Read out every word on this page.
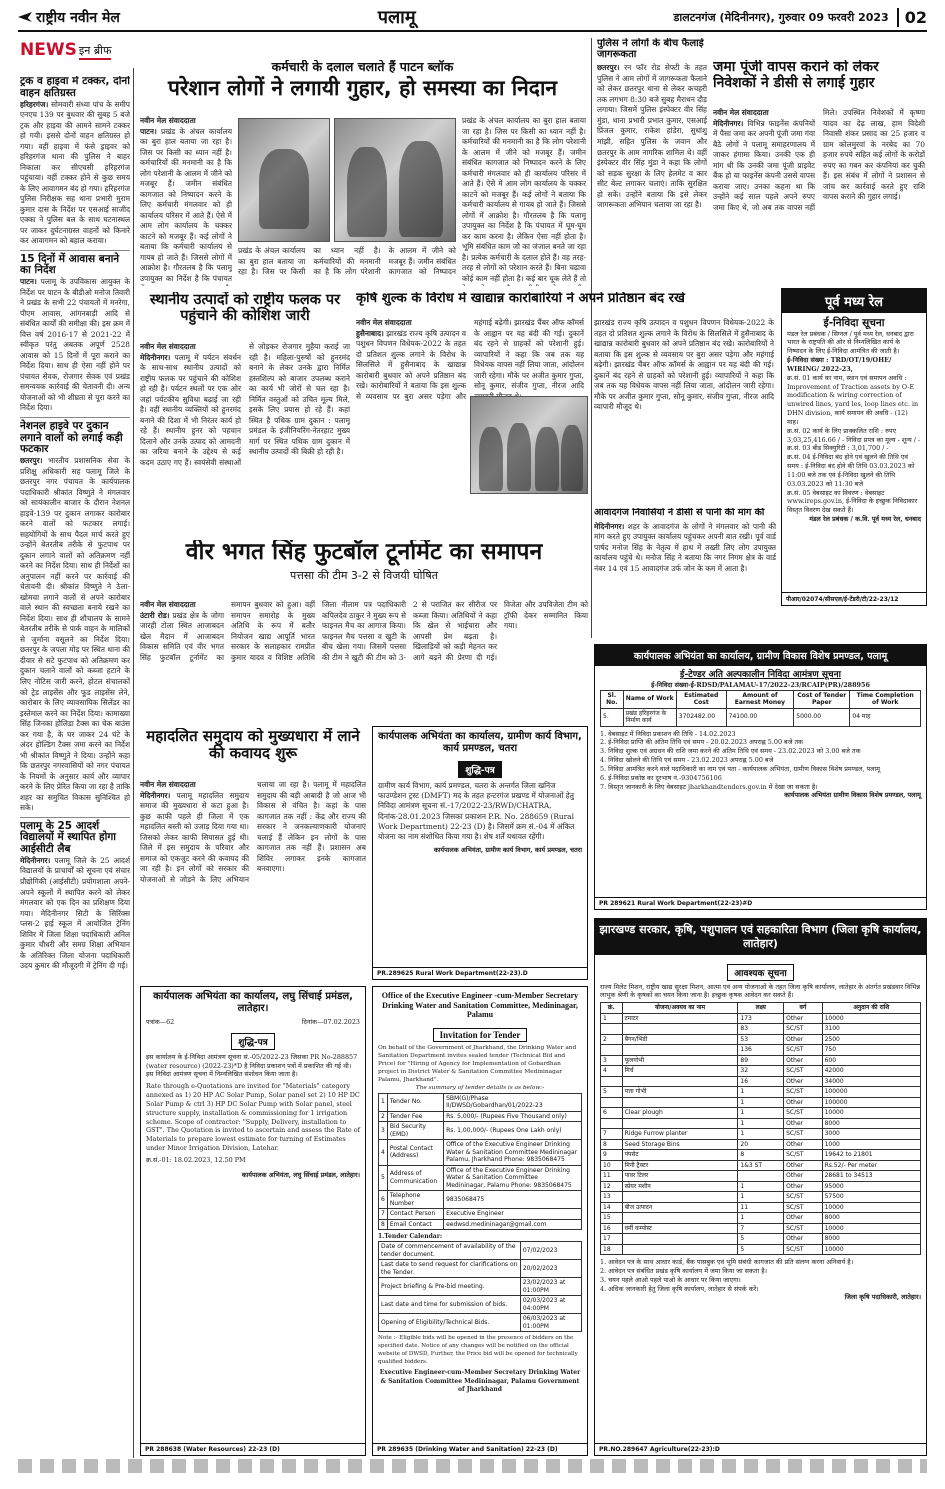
राष्ट्रीय नवीन मेल	पलामू	डालटनगंज (मेदिनीनगर), गुरुवार 09 फरवरी 2023	02
NEWS इन ब्रीफ
ट्रक व हाइवा में टक्कर, दोनों वाहन क्षतिग्रस्त

हरिहरगंज। सोमवारी संध्या पांच के समीप एनएच 139 पर बुधवार की सुबह 5 बजे ट्रक और हाइवा की आमने सामने टक्कर हो गयी। इससे दोनों वाहन क्षतिग्रस्त हो गया। वहीं हाइवा में फंसे ड्राइवर को हरिहरगंज थाना की पुलिस ने बाहर निकाला कर सीएचसी हरिहरगंज पहुंचाया। वहीं टक्कर होने से कुछ समय के लिए आवागमन बंद हो गया। हरिहरगंज पुलिस निरीक्षक सह थाना प्रभारी मुराम कुमार दास के निर्देश पर एसआई साजीद एक्का ने पुलिस बल के साथ घटनास्थल पर जाकर दुर्घटनाग्रस्त वाहनों को किनारे कर आवागमन को बहाल कराया।

15 दिनों में आवास बनाने का निर्देश

पाटन। पलामू के उपविकास आयुक्त के निर्देश पर पाटन के बीडीओ मनोज तिवारी ने प्रखंड के सभी 22 पंचायतों में मनरेगा, पीएम आवास, आंगनबाड़ी आदि से संबंधित कार्यों की समीक्षा की। इस क्रम में वित्त वर्ष 2016-17 से 2021-22 में स्वीकृत परंतु अबतक अपूर्ण 2528 आवास को 15 दिनों में पूरा कराने का निर्देश दिया। साथ ही ऐसा नहीं होने पर पंचायत सेवक, रोजगार सेवक एवं प्रखंड समन्वयक कार्रवाई की चेतावनी दी। अन्य योजनाओं को भी शीघ्रता से पूरा करने का निर्देश दिया।

नेशनल हाइवे पर दुकान लगाने वालों को लगाई कड़ी फटकार

छतरपुर। भारतीय प्रशासनिक सेवा के प्रशिक्षु अधिकारी सह पलामू जिले के छतरपुर नगर पंचायत के कार्यपालक पदाधिकारी श्रीकांत विष्णुते ने मंगलवार को सायंकालीन बाजार के दौरान नेशनल हाइवे-139 पर दुकान लगाकर कारोबार करने वालों को फटकार लगाई। सहयोगियों के साथ पैदल मार्च करते हुए उन्होंने बेतरतीब तरीके से फुटपाथ पर दुकान लगाने वालों को अतिक्रमण नहीं करने का निर्देश दिया। साथ ही निर्देशों का अनुपालन नहीं करने पर कार्रवाई की चेतावनी दी। श्रीकांत विष्णुते ने ठेला-खोमचा लगाने वालों से अपने कारोबार वाले स्थान की स्वच्छता बनाये रखने का निर्देश दिया। साथ ही शौचालय के सामने बेतरतीब तरीके से पार्क वाहन के मालिकों से जुर्माना वसूलने का निर्देश दिया। छतरपुर के जपला मोड़ पर स्थित थाना की दीवार से सटे फुटपाथ को अतिक्रमण कर दुकान चलाने वालों को कब्जा हटाने के लिए नोटिस जारी करने, होटल संचालकों को ट्रेड लाइसेंस और फूड लाइसेंस लेने, कारोबार के लिए व्यावसायिक सिलेंडर का इस्तेमाल करने का निर्देश दिया। कामाख्या सिंह जिनका होलिडा टैक्स का चेक बाउंस कर गया है, के घर जाकर 24 घंटे के अंदर होल्डिंग टैक्स जमा करने का निर्देश भी श्रीकांत विष्णुते ने दिया। उन्होंने कहा कि छतरपुर नगरवासियों को नगर पंचायत के नियमों के अनुसार कार्य और व्यापार करने के लिए प्रेरित किया जा रहा है ताकि शहर का समुचित विकास सुनिश्चित हो सके।

पलामू के 25 आदर्श विद्यालयों में स्थापित होगा आईसीटी लैब

मेदिनीनगर। पलामू जिले के 25 आदर्श विद्यालयों के प्राचार्यों को सूचना एवं संचार प्रौद्योगिकी (आईसीटी) प्रयोगशाला अपने-अपने स्कूलों में स्थापित करने को लेकर मंगलवार को एक दिन का प्रशिक्षण दिया गया। मेदिनीनगर सिटी के सिरिंक्स प्लस-2 हाई स्कूल में आयोजित ट्रेनिंग शिविर में जिला शिक्षा पदाधिकारी अनिल कुमार चौधरी और समग्र शिक्षा अभियान के अतिरिक्त जिला योजना पदाधिकारी उदय कुमार की मौजूदगी में ट्रेनिंग दी गई।

कर्मचारी के दलाल चलाते हैं पाटन ब्लॉक
परेशान लोगों ने लगायी गुहार, हो समस्या का निदान
नवीन मेल संवाददाता
पाटन। प्रखंड के अंचल कार्यालय का बुरा हाल बताया जा रहा है। जिस पर किसी का ध्यान नहीं है। कर्मचारियों की मनमानी का है कि लोग परेशानी के आलम में जीने को मजबूर हैं। जमीन संबंधित कागजात को निष्पादन करने के लिए कर्मचारी मंगलवार को ही कार्यालय परिसर में आते हैं। ऐसे में आम लोग कार्यालय के चक्कर काटने को मजबूर हैं। कई लोगों ने बताया कि कर्मचारी कार्यालय से गायब हो जाते हैं। जिससे लोगों में आक्रोश है। गौरतलब है कि पलामू उपायुक्त का निर्देश है कि पंचायत
प्रखंड के अंचल कार्यालय का बुरा हाल बताया जा रहा है। जिस पर किसी का ध्यान नहीं है। कर्मचारियों की मनमानी का है कि लोग परेशानी के आलम में जीने को मजबूर हैं। जमीन संबंधित कागजात को निष्पादन
प्रखंड के अंचल कार्यालय का बुरा हाल बताया जा रहा है। जिस पर किसी का ध्यान नहीं है। कर्मचारियों की मनमानी का है कि लोग परेशानी के आलम में जीने को मजबूर हैं। जमीन संबंधित कागजात को निष्पादन करने के लिए कर्मचारी मंगलवार को ही कार्यालय परिसर में आते हैं। ऐसे में आम लोग कार्यालय के चक्कर काटने को मजबूर हैं। कई लोगों ने बताया कि कर्मचारी कार्यालय से गायब हो जाते हैं। जिससे लोगों में आक्रोश है। गौरतलब है कि पलामू उपायुक्त का निर्देश है कि पंचायत में घूम-घूम कर काम करना है। लेकिन ऐसा नहीं होता है। भूमि संबंधित काम जो का जंजाल बनते जा रहा है। प्रत्येक कर्मचारी के दलाल होते हैं। वह तरह-तरह से लोगों को परेशान करते हैं। बिना चढ़ावा कोई काम नहीं होता है। कई बार चूक लेते हैं तो
पुलिस ने लोगों के बीच फैलाई जागरूकता

छतरपुर। रन फॉर रोड सेफ्टी के तहत पुलिस ने आम लोगों में जागरूकता फैलाने को लेकर छतरपुर थाना से लेकर कचहरी तक लगभग 8:30 बजे सुबह मैराथन दौड़ लगाया। जिसमें पुलिस इंस्पेक्टर वीर सिंह मुंडा, थाना प्रभारी प्रभात कुमार, एसआई प्रिंजल कुमार, राकेश हांडेरा, सुधांशु मांझी, सहित पुलिस के जवान और छतरपुर के आम नागरिक शामिल थे। वहीं इंस्पेक्टर वीर सिंह मुंडा ने कहा कि लोगों को सड़क सुरक्षा के लिए हेलमेट व कार सीट बेल्ट लगाकर चलाएं। ताकि सुरक्षित हो सकें। उन्होंने बताया कि इसे लेकर जागरूकता अभियान चलाया जा रहा है।

जमा पूंजी वापस कराने को लेकर निवेशकों ने डीसी से लगाई गुहार
नवीन मेल संवाददाता
मेदिनीनगर। विभिन्न फाइनेंस कंपनियों में पैसा जमा कर अपनी पूंजी जमा गंवा बैठे लोगों ने पलामू समाहरणालय में जाकर हंगामा किया। उनकी एक ही मांग थी कि उनकी जमा पूंजी प्राइवेट बैंक हो या फाइनेंस कंपनी उससे वापस कराया जाए। उनका कहना था कि उन्होंने कई साल पहले अपने रुपए जमा किए थे, जो अब तक वापस नहीं मिले। उपस्थित निवेशकों में कृष्णा यादव का देढ़ लाख, हाम विदेशी निवासी शंकर प्रसाद का 25 हजार व ग्राम कोलमुरवां के नरबेद का 70 हजार रुपये सहित कई लोगों के करोड़ों रुपए का गबन कर कंपनियां कर चुकी हैं। इस संबंध में लोगों ने प्रशासन से जांच कर कार्रवाई करते हुए राशि वापस कराने की गुहार लगाई।
स्थानीय उत्पादों को राष्ट्रीय फलक पर पहुंचाने की कोशिश जारी
नवीन मेल संवाददाता
मेदिनीनगर। पलामू में पर्यटन संवर्धन के साथ-साथ स्थानीय उत्पादों को राष्ट्रीय फलक पर पहुंचाने की कोशिश हो रही है। पर्यटन स्थलों पर एक ओर जहां पर्यटकीय सुविधा बढ़ाई जा रही है। वहीं स्थानीय व्यक्तियों को हुनरमंद बनाने की दिशा में भी निरंतर कार्य हो रहे हैं। स्थानीय हुनर को पहचान दिलाने और उनके उत्पाद को आमदनी का जरिया बनाने के उद्देश्य से कई कदम उठाए गए हैं। स्वयंसेवी संस्थाओं से जोड़कर रोजगार मुहैया कराई जा रही है। महिला-पुरुषों को हुनरमंद बनाने के लेकर उनके द्वारा निर्मित हस्तशिल्प को बाजार उपलब्ध कराने का कार्य भी जोरों से चल रहा है। निर्मित वस्तुओं को उचित मूल्य मिले, इसके लिए प्रयास हो रहे हैं। कहां स्थित है पथिक ग्राम दुकान : पलामू प्रमंडल के इंजीनियरिंग-नेतरहाट मुख्य मार्ग पर स्थित पथिक ग्राम दुकान में स्थानीय उत्पादों की बिक्री हो रही है।
कृषि शुल्क के विरोध में खाद्यान्न कारोबारियों ने अपने प्रतिष्ठान बंद रखे
नवीन मेल संवाददाता
हुसैनाबाद। झारखंड राज्य कृषि उत्पादन व पशुधन विपणन विधेयक-2022 के तहत दो प्रतिशत शुल्क लगाने के विरोध के सिलसिले में हुसैनाबाद के खाद्यान्न कारोबारी बुधवार को अपने प्रतिष्ठान बंद रखे। कारोबारियों ने बताया कि इस शुल्क से व्यवसाय पर बुरा असर पड़ेगा और महंगाई बढ़ेगी। झारखंड चैंबर ऑफ कॉमर्स के आह्वान पर यह बंदी की गई। दुकानें बंद रहने से ग्राहकों को परेशानी हुई। व्यापारियों ने कहा कि जब तक यह विधेयक वापस नहीं लिया जाता, आंदोलन जारी रहेगा। मौके पर अजीत कुमार गुप्ता, सोनू कुमार, संजीव गुप्ता, नीरज आदि
झारखंड राज्य कृषि उत्पादन व पशुधन विपणन विधेयक-2022 के तहत दो प्रतिशत शुल्क लगाने के विरोध के सिलसिले में हुसैनाबाद के खाद्यान्न कारोबारी बुधवार को अपने प्रतिष्ठान बंद रखे। कारोबारियों ने बताया कि इस शुल्क से व्यवसाय पर बुरा असर पड़ेगा और महंगाई बढ़ेगी। झारखंड चैंबर ऑफ कॉमर्स के आह्वान पर यह बंदी की गई। दुकानें बंद रहने से ग्राहकों को परेशानी हुई। व्यापारियों ने कहा कि जब तक यह विधेयक वापस नहीं लिया जाता, आंदोलन जारी रहेगा। मौके पर अजीत कुमार गुप्ता, सोनू कुमार, संजीव गुप्ता, नीरज आदि व्यापारी मौजूद थे।
आवादगंज निवासियों ने डीसी से पानी की मांग की

मेदिनीनगर। शहर के आवादगंज के लोगों ने मंगलवार को पानी की मांग करते हुए उपायुक्त कार्यालय पहुंचकर अपनी बात रखी। पूर्व वार्ड पार्षद मनोज सिंह के नेतृत्व में हाथ में तख्ती लिए लोग उपायुक्त कार्यालय पहुंचे थे। मनोज सिंह ने बताया कि नगर निगम क्षेत्र के वार्ड नंबर 14 एवं 15 आवादगंज उर्फ जोन के कम में आता है।

पूर्व मध्य रेल
ई-निविदा सूचना

मंडल रेल प्रबंधक / सिग्नल / पूर्व मध्य रेल, धनबाद द्वारा भारत के राष्ट्रपति की ओर से निम्नलिखित कार्य के निष्पादन के लिए ई-निविदा आमंत्रित की जाती है।

ई-निविदा संख्या : TRD/OT/19/OHE/ WIRING/ 2022-23,

क्र.सं. 01 कार्य का नाम, स्थान एवं समापन अवधि : Improvement of Traction assets by O-E modification & wiring correction of unwired lines, yard les, loop lines etc. in DHN division, कार्य समापन की अवधि - (12) माह।

क्र.सं. 02 कार्य के लिए प्राक्कलित राशि : रुपए 3,03,25,416.66 / - निविदा प्रपत्र का मूल्य - शून्य / -

क्र.सं. 03 बीड सिक्युरिटी : 3,01,700 / -

क्र.सं. 04 ई-निविदा बंद होने एवं खुलने की तिथि एवं समय : ई-निविदा बंद होने की तिथि 03.03.2023 को 11:00 बजे तक एवं ई-निविदा खुलने की तिथि 03.03.2023 को 11:30 बजे

क्र.सं. 05 वेबसाइट का विवरण : वेबसाइट www.ireps.gov.in, ई-निविदा के इच्छुक निविदाकार विस्तृत विवरण देख सकते हैं।

मंडल रेल प्रबंधक / क.वि. पूर्व मध्य रेल, धनबाद

पीआर/02074/सीसएल/ई-टेंडरी/टी/22-23/12
वीर भगत सिंह फुटबॉल टूर्नामेंट का समापन
पत्तसा की टीम 3-2 से विजयी घोषित
नवीन मेल संवाददाता
उंटारी रोड। प्रखंड क्षेत्र के जोगा जारही टोला स्थित आजाबदन खेल मैदान में आजाबदन विकास समिति एवं वीर भगत सिंह फुटबॉल टूर्नामेंट का समापन बुधवार को हुआ। वहीं समापन समारोह के मुख्य अतिथि के रूप में बतौर नियोजन खाद्य आपूर्ति भारत सरकार के सलाहकार रामप्रीत कुमार यादव व विशिष्ट अतिथि जिला नीलाम पत्र पदाधिकारी कपिलदेव ठाकुर ने मुख्य रूप से फाइनल मैच का आगाज किया। फाइनल मैच पत्तसा व खुटी के बीच खेला गया। जिसमें पत्तसा की टीम ने खुटी की टीम को 3-2 से पराजित कर सीरीज पर कब्जा किया। अतिथियों ने कहा कि खेल से भाईचारा और आपसी प्रेम बढ़ता है। खिलाड़ियों को कड़ी मेहनत कर आगे बढ़ने की प्रेरणा दी गई। विजेता और उपविजेता टीम को ट्रॉफी देकर सम्मानित किया गया।
कार्यपालक अभियंता का कार्यालय, ग्रामीण विकास विशेष प्रमण्डल, पलामू
ई-टेण्डर अति अल्पकालीन निविदा आमंत्रण सूचना

ई-निविदा संख्या-ई-RDSD/PALAMAU-17/2022-23/RCAIP(PR)/288956

Sl. No.	Name of Work	Estimated Cost	Amount of Earnest Money	Cost of Tender Paper	Time Completion of Work
5.	प्रखंड हरिहरगंज के निर्माण कार्य	3702482.00	74100.00	5000.00	04 माह

1. वेबसाइट में निविदा प्रकाशन की तिथि - 14.02.2023

2. ई-निविदा प्राप्ति की अंतिम तिथि एवं समय - 20.02.2023 अपराह्न 5.00 बजे तक

3. निविदा शुल्क एवं अग्रधन की राशि जमा करने की अंतिम तिथि एवं समय - 23.02.2023 को 3.00 बजे तक

4. निविदा खोलने की तिथि एवं समय - 23.02.2023 अपराह्न 5.00 बजे

5. निविदा आमंत्रित करने वाले पदाधिकारी का नाम एवं पता - कार्यपालक अभियंता, ग्रामीण विकास विशेष प्रमण्डल, पलामू

6. ई-निविदा प्रकोष्ठ का दूरभाष नं.-9304756106

7. विस्तृत जानकारी के लिए वेबसाइट jharkhandtenders.gov.in में देखा जा सकता है।

कार्यपालक अभियंता ग्रामीण विकास विशेष प्रमण्डल, पलामू

PR 289621 Rural Work Department(22-23)#D
महादलित समुदाय को मुख्यधारा में लाने की कवायद शुरू
नवीन मेल संवाददाता
मेदिनीनगर। पलामू महादलित समुदाय समाज की मुख्यधारा से कटा हुआ है। कुछ काफी पहले ही जिला में एक महादलित बस्ती को उजाड़ दिया गया था। जिसको लेकर काफी सियासत हुई थी। जिले में इस समुदाय के परिवार और समाज को एकजुट करने की कवायद की जा रही है। इन लोगों को सरकार की योजनाओं से जोड़ने के लिए अभियान चलाया जा रहा है। पलामू में महादलित समुदाय की बड़ी आबादी है जो आज भी विकास से वंचित है। कहां के पास कागजात तक नहीं : केंद्र और राज्य की सरकार ने जनकल्याणकारी योजनाएं चलाई हैं लेकिन इन लोगों के पास कागजात तक नहीं हैं। प्रशासन अब शिविर लगाकर इनके कागजात बनवाएगा।
कार्यपालक अभियंता का कार्यालय, ग्रामीण कार्य विभाग, कार्य प्रमण्डल, चतरा
शुद्धि-पत्र

ग्रामीण कार्य विभाग, कार्य प्रमण्डल, चतरा के अन्तर्गत जिला खनिज फाउण्डेशन ट्रस्ट (DMFT) मद के तहत हन्टरगंज प्रखण्ड में योजनाओं हेतु निविदा आमंत्रण सूचना सं.-17/2022-23/RWD/CHATRA, दिनांक-28.01.2023 जिसका प्रकाशन P.R. No. 288659 (Rural Work Department) 22-23 (D) है। जिसमें क्रम सं.-04 में अंकित योजना का नाम संशोधित किया गया है। शेष शर्तें यथावत रहेंगी।

कार्यपालक अभियंता, ग्रामीण कार्य विभाग, कार्य प्रमण्डल, चतरा

PR.289625 Rural Work Department(22-23).D
कार्यपालक अभियंता का कार्यालय, लघु सिंचाई प्रमंडल, लातेहार।
पत्रांक—62	दिनांक—07.02.2023
शुद्धि-पत्र

इस कार्यालय के ई-निविदा आमंत्रण सूचना सं.-05/2022-23 जिसका PR No-288857 (water resource) (2022-23)*D है निविदा प्रकाशन पत्रों में प्रकाशित की गई थी। इस निविदा आमंत्रण सूचना में निम्नलिखित संशोधन किया जाता है।

Rate through e-Quotations are invited for "Materials" category annexed as 1) 20 HP AC Solar Pump, Solar panel set 2) 10 HP DC Solar Pump & ctrl 3) HP DC Solar Pump with Solar panel, steel structure supply, installation & commissioning for 1 irrigation scheme. Scope of contractor: "Supply, Delivery, installation to GST". The Quotation is invited to ascertain and assess the Rate of Materials to prepare lowest estimate for turning of Estimates under Minor Irrigation Division, Latehar.

क्र.सं.-01: 18.02.2023, 12.50 PM

कार्यपालक अभियंता, लघु सिंचाई प्रमंडल, लातेहार।

PR 288638 (Water Resources) 22-23 (D)
Office of the Executive Engineer -cum-Member Secretary Drinking Water and Sanitation Committee, Medininagar, Palamu
Invitation for Tender

On behalf of the Government of Jharkhand, the Drinking Water and Sanitation Department invites sealed tender (Technical Bid and Price) for "Hiring of Agency for Implementation of Gobardhan project in District Water & Sanitation Committee Medininagar Palamu, Jharkhand".

The summary of tender details is as below:-

1	Tender No.	SBM(G)/Phase II/DWSD/Gobardhan/01/2022-23
2	Tender Fee	Rs. 5,000/- (Rupees Five Thousand only)
3	Bid Security (EMD)	Rs. 1,00,000/- (Rupees One Lakh only)
4	Postal Contact (Address)	Office of the Executive Engineer Drinking Water & Sanitation Committee Medininagar Palamu, Jharkhand Phone: 9835068475
5	Address of Communication	Office of the Executive Engineer Drinking Water & Sanitation Committee Medininagar, Palamu Phone: 9835068475
6	Telephone Number	9835068475
7	Contact Person	Executive Engineer
8	Email Contact	eedwsd.medininagar@gmail.com

1.Tender Calendar:

Date of commencement of availability of the tender document.	07/02/2023
Last date to send request for clarifications on the Tender.	20/02/2023
Project briefing & Pre-bid meeting.	23/02/2023 at 01:00PM
Last date and time for submission of bids.	02/03/2023 at 04:00PM
Opening of Eligibility/Technical Bids.	06/03/2023 at 01:00PM

Note :- Eligible bids will be opened in the presence of bidders on the specified date. Notice of any changes will be notified on the official website of DWSD, Further, the Price bid will be opened for technically qualified bidders.

Executive Engineer-cum-Member Secretary Drinking Water & Sanitation Committee Medininagar, Palamu Government of Jharkhand

PR 289635 (Drinking Water and Sanitation) 22-23 (D)
झारखण्ड सरकार, कृषि, पशुपालन एवं सहकारिता विभाग (जिला कृषि कार्यालय, लातेहार)
आवश्यक सूचना

राज्य मिलेट मिशन, राष्ट्रीय खाद्य सुरक्षा मिशन, आत्मा एवं अन्य योजनाओं के तहत जिला कृषि कार्यालय, लातेहार के अंतर्गत प्रखंडवार विभिन्न लाभुक श्रेणी के कृषकों का चयन किया जाना है। इच्छुक कृषक आवेदन कर सकते हैं।

क्रं.	योजना/अवयव का नाम	लक्ष्य	वर्ग	अनुदान की राशि
1	टमाटर	173	Other	10000
		83	SC/ST	3100
2	बैंगन/भिंडी	53	Other	2500
		136	SC/ST	750
3	फूलगोभी	89	Other	600
4	मिर्च	32	SC/ST	42000
		16	Other	34000
5	पत्ता गोभी	1	SC/ST	100000
		1	Other	100000
6	Clear plough	1	SC/ST	10000
		1	Other	8000
7	Ridge Furrow planter	1	SC/ST	3000
8	Seed Storage Bins	20	Other	1000
9	पंपसेट	8	SC/ST	19642 to 21801
10	मिनी ट्रैक्टर	1&3 ST	Other	Rs.52/- Per meter
11	पावर टिलर		Other	28681 to 34513
12	स्प्रेयर मशीन	1	Other	95000
13		1	SC/ST	57500
14	बीज उत्पादन	11	SC/ST	10000
15		1	Other	8000
16	वर्मी कम्पोस्ट	7	SC/ST	10000
17		5	Other	8000
18		5	SC/ST	10000

1. आवेदन पत्र के साथ आधार कार्ड, बैंक पासबुक एवं भूमि संबंधी कागजात की प्रति संलग्न करना अनिवार्य है।

2. आवेदन पत्र संबंधित प्रखंड कृषि कार्यालय में जमा किया जा सकता है।

3. चयन पहले आओ पहले पाओ के आधार पर किया जाएगा।

4. अधिक जानकारी हेतु जिला कृषि कार्यालय, लातेहार से संपर्क करें।

जिला कृषि पदाधिकारी, लातेहार।

PR.NO.289647 Agriculture(22-23):D
